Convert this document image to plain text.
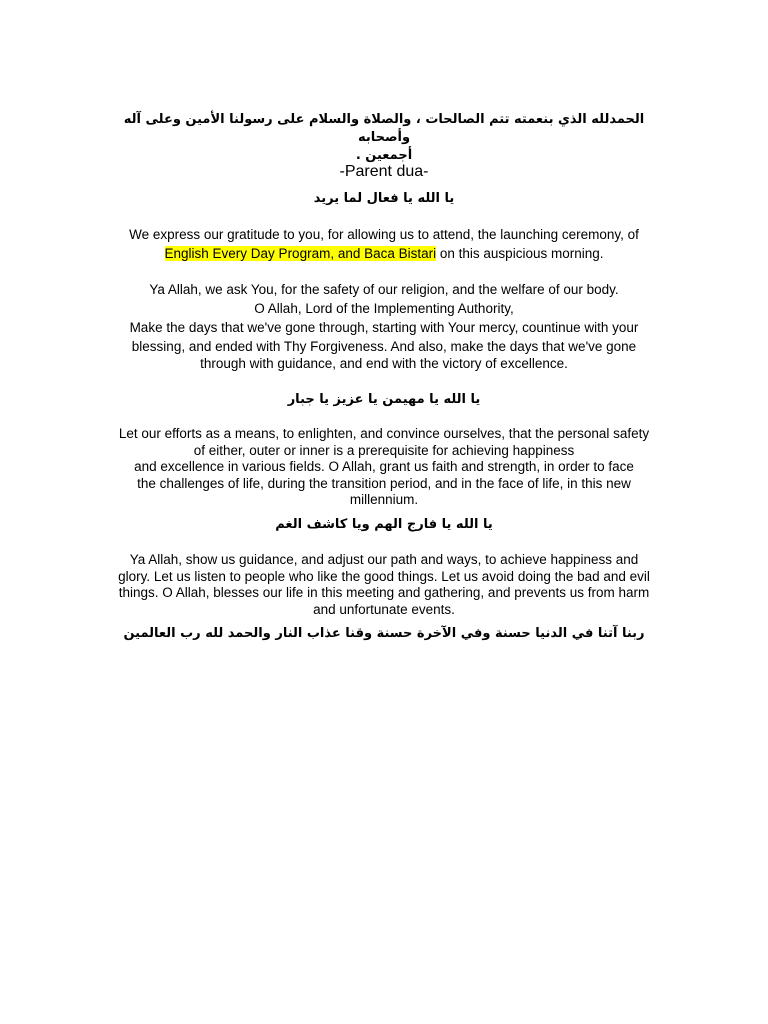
الحمدلله الذي بنعمته تتم الصالحات ، والصلاة والسلام على رسولنا الأمين وعلى آله وأصحابه
أجمعين .
-Parent dua-
يا الله يا فعال لما يريد
We express our gratitude to you, for allowing us to attend, the launching ceremony, of
English Every Day Program, and Baca Bistari on this auspicious morning.
Ya Allah, we ask You, for the safety of our religion, and the welfare of our body.
O Allah, Lord of the Implementing Authority,
Make the days that we've gone through, starting with Your mercy, countinue with your
blessing, and ended with Thy Forgiveness. And also, make the days that we've gone
through with guidance, and end with the victory of excellence.
يا الله يا مهيمن يا عزيز يا جبار
Let our efforts as a means, to enlighten, and convince ourselves, that the personal safety
of either, outer or inner is a prerequisite for achieving happiness
and excellence in various fields. O Allah, grant us faith and strength, in order to face
the challenges of life, during the transition period, and in the face of life, in this new
millennium.
يا الله يا فارج الهم ويا كاشف الغم
Ya Allah, show us guidance, and adjust our path and ways, to achieve happiness and
glory. Let us listen to people who like the good things. Let us avoid doing the bad and evil
things. O Allah, blesses our life in this meeting and gathering, and prevents us from harm
and unfortunate events.
ربنا آتنا في الدنيا حسنة وفي الآخرة حسنة وقنا عذاب النار والحمد لله رب العالمين
